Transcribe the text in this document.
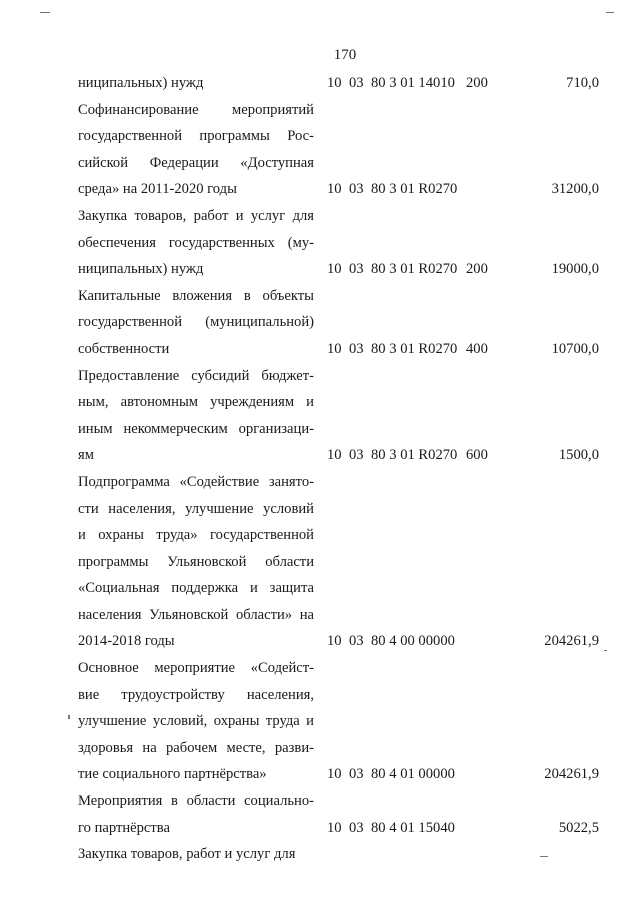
170
ниципальных) нужд	10 03 80 3 01 14010 200	710,0
Софинансирование мероприятий
государственной программы Рос-
сийской Федерации «Доступная
среда» на 2011-2020 годы	10 03 80 3 01 R0270	31200,0
Закупка товаров, работ и услуг для
обеспечения государственных (му-
ниципальных) нужд	10 03 80 3 01 R0270 200	19000,0
Капитальные вложения в объекты
государственной (муниципальной)
собственности	10 03 80 3 01 R0270 400	10700,0
Предоставление субсидий бюджет-
ным, автономным учреждениям и
иным некоммерческим организаци-
ям	10 03 80 3 01 R0270 600	1500,0
Подпрограмма «Содействие занято-
сти населения, улучшение условий
и охраны труда» государственной
программы Ульяновской области
«Социальная поддержка и защита
населения Ульяновской области» на
2014-2018 годы	10 03 80 4 00 00000	204261,9
Основное мероприятие «Содейст-
вие трудоустройству населения,
улучшение условий, охраны труда и
здоровья на рабочем месте, разви-
тие социального партнёрства»	10 03 80 4 01 00000	204261,9
Мероприятия в области социально-
го партнёрства	10 03 80 4 01 15040	5022,5
Закупка товаров, работ и услуг для
